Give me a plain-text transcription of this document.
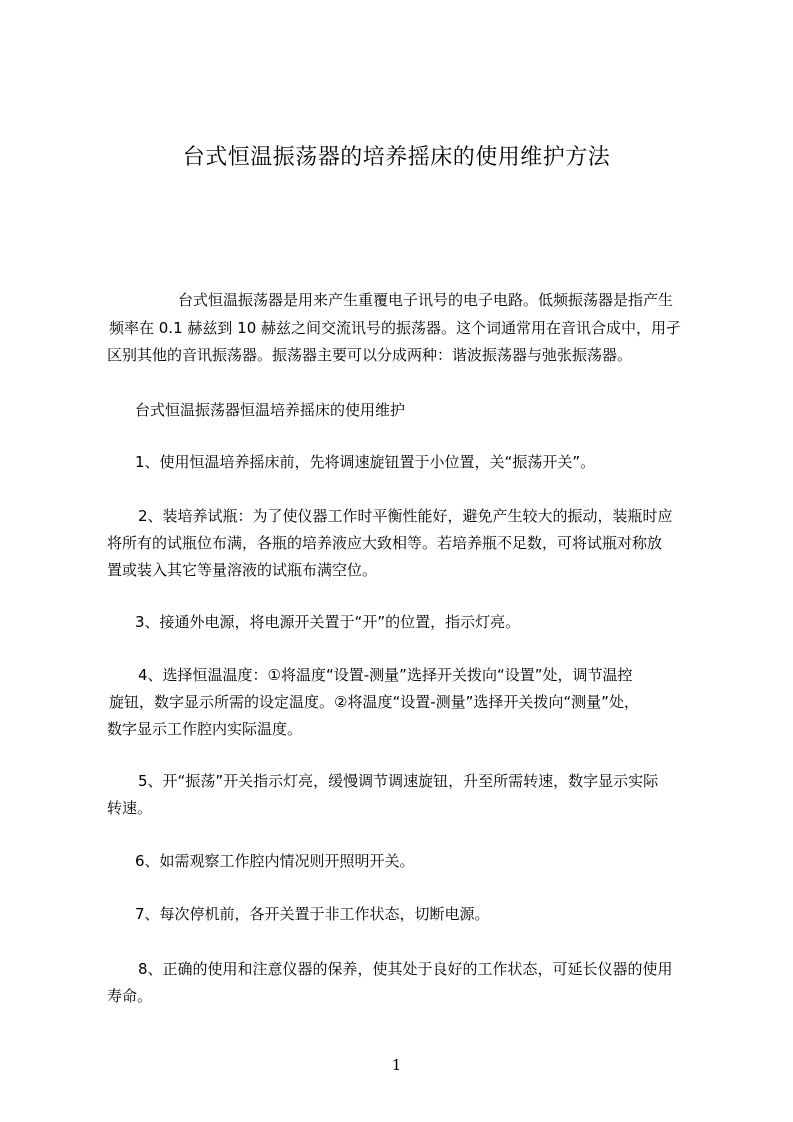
台式恒温振荡器的培养摇床的使用维护方法
台式恒温振荡器是用来产生重覆电子讯号的电子电路。低频振荡器是指产生
频率在 0.1 赫兹到 10 赫兹之间交流讯号的振荡器。这个词通常用在音讯合成中，用孑
区别其他的音讯振荡器。振荡器主要可以分成两种：谐波振荡器与弛张振荡器。
台式恒温振荡器恒温培养摇床的使用维护
1、使用恒温培养摇床前，先将调速旋钮置于小位置，关“振荡开关”。
2、装培养试瓶：为了使仪器工作时平衡性能好，避免产生较大的振动，装瓶时应
将所有的试瓶位布满，各瓶的培养液应大致相等。若培养瓶不足数，可将试瓶对称放
置或装入其它等量溶液的试瓶布满空位。
3、接通外电源，将电源开关置于“开”的位置，指示灯亮。
4、选择恒温温度：①将温度“设置-测量”选择开关拨向“设置”处，调节温控
旋钮，数字显示所需的设定温度。②将温度“设置-测量”选择开关拨向“测量”处，
数字显示工作腔内实际温度。
5、开“振荡”开关指示灯亮，缓慢调节调速旋钮，升至所需转速，数字显示实际
转速。
6、如需观察工作腔内情况则开照明开关。
7、每次停机前，各开关置于非工作状态，切断电源。
8、正确的使用和注意仪器的保养，使其处于良好的工作状态，可延长仪器的使用
寿命。
1
